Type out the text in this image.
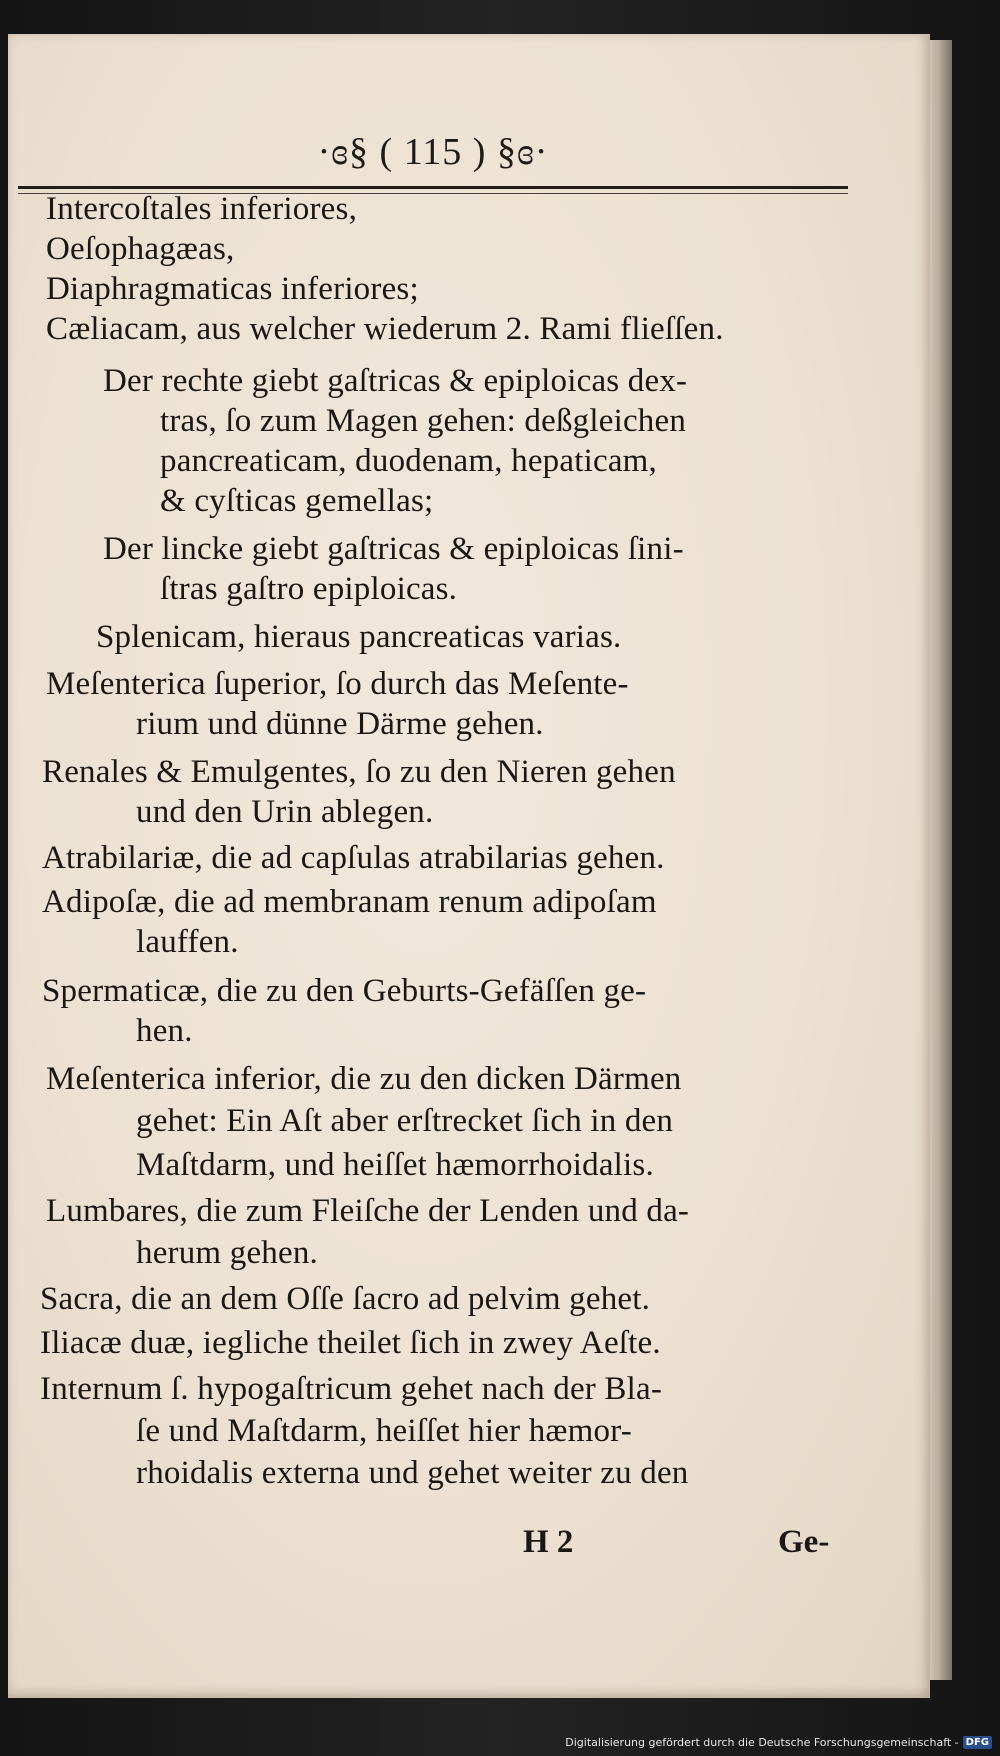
·ɞ§ ( 115 ) §ɞ·
Intercoſtales inferiores,
Oeſophagæas,
Diaphragmaticas inferiores;
Cæliacam, aus welcher wiederum 2. Rami flieſſen.
Der rechte giebt gaſtricas & epiploicas dex-
tras, ſo zum Magen gehen: deßgleichen
pancreaticam, duodenam, hepaticam,
& cyſticas gemellas;
Der lincke giebt gaſtricas & epiploicas ſini-
ſtras gaſtro epiploicas.
Splenicam, hieraus pancreaticas varias.
Meſenterica ſuperior, ſo durch das Meſente-
rium und dünne Därme gehen.
Renales & Emulgentes, ſo zu den Nieren gehen
und den Urin ablegen.
Atrabilariæ, die ad capſulas atrabilarias gehen.
Adipoſæ, die ad membranam renum adipoſam
lauffen.
Spermaticæ, die zu den Geburts-Gefäſſen ge-
hen.
Meſenterica inferior, die zu den dicken Därmen
gehet: Ein Aſt aber erſtrecket ſich in den
Maſtdarm, und heiſſet hæmorrhoidalis.
Lumbares, die zum Fleiſche der Lenden und da-
herum gehen.
Sacra, die an dem Oſſe ſacro ad pelvim gehet.
Iliacæ duæ, iegliche theilet ſich in zwey Aeſte.
Internum ſ. hypogaſtricum gehet nach der Bla-
ſe und Maſtdarm, heiſſet hier hæmor-
rhoidalis externa und gehet weiter zu den
H 2	Ge-
Digitalisierung gefördert durch die Deutsche Forschungsgemeinschaft - DFG
